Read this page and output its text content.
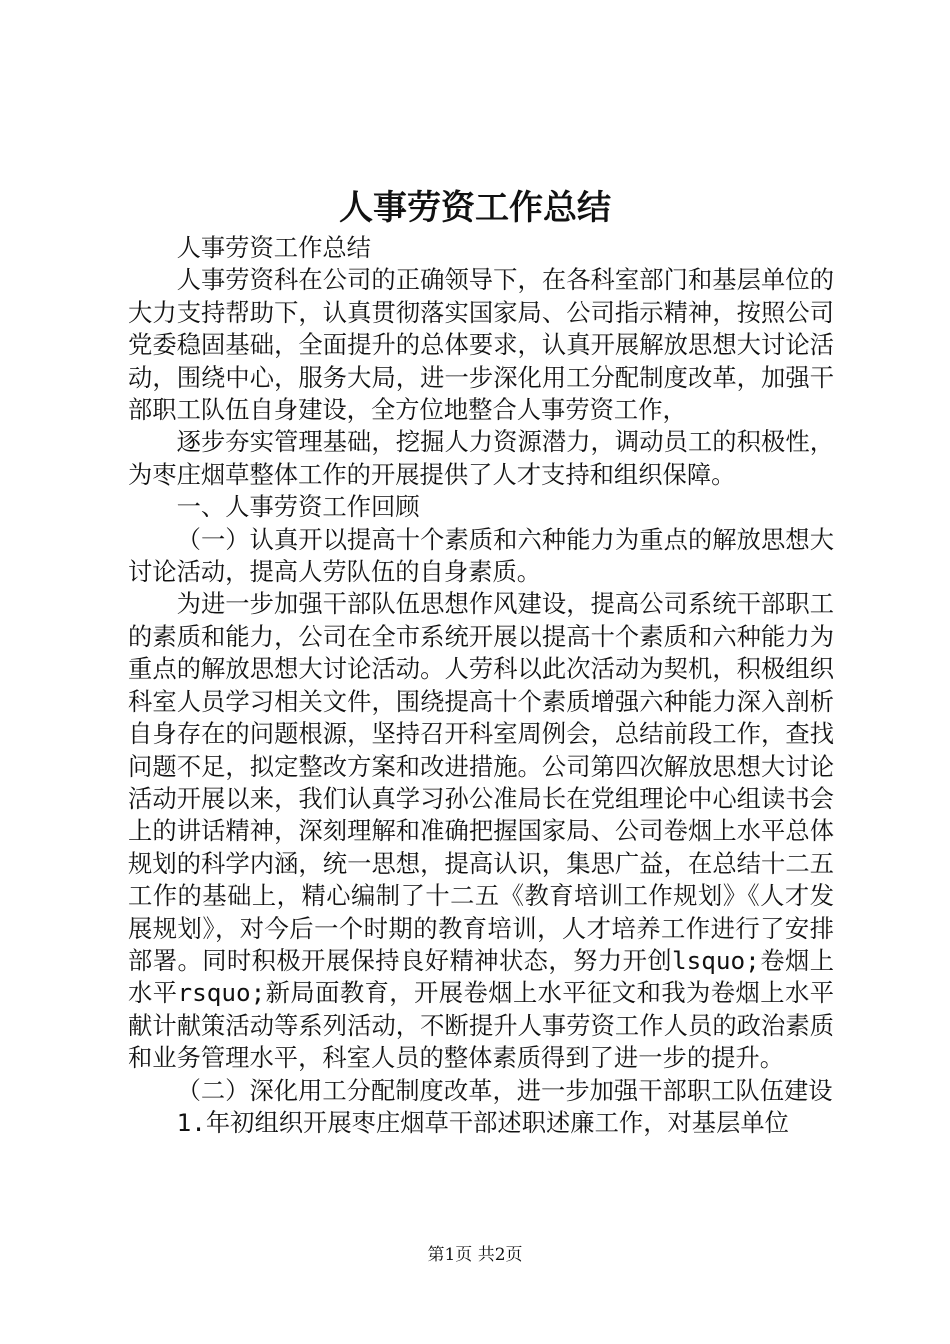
人事劳资工作总结

人事劳资工作总结

人事劳资科在公司的正确领导下，在各科室部门和基层单位的大力支持帮助下，认真贯彻落实国家局、公司指示精神，按照公司党委稳固基础，全面提升的总体要求，认真开展解放思想大讨论活动，围绕中心，服务大局，进一步深化用工分配制度改革，加强干部职工队伍自身建设，全方位地整合人事劳资工作，

逐步夯实管理基础，挖掘人力资源潜力，调动员工的积极性，为枣庄烟草整体工作的开展提供了人才支持和组织保障。

一、人事劳资工作回顾

（一）认真开以提高十个素质和六种能力为重点的解放思想大讨论活动，提高人劳队伍的自身素质。

为进一步加强干部队伍思想作风建设，提高公司系统干部职工的素质和能力，公司在全市系统开展以提高十个素质和六种能力为重点的解放思想大讨论活动。人劳科以此次活动为契机，积极组织科室人员学习相关文件，围绕提高十个素质增强六种能力深入剖析自身存在的问题根源，坚持召开科室周例会，总结前段工作，查找问题不足，拟定整改方案和改进措施。公司第四次解放思想大讨论活动开展以来，我们认真学习孙公准局长在党组理论中心组读书会上的讲话精神，深刻理解和准确把握国家局、公司卷烟上水平总体规划的科学内涵，统一思想，提高认识，集思广益，在总结十二五工作的基础上，精心编制了十二五《教育培训工作规划》《人才发展规划》，对今后一个时期的教育培训，人才培养工作进行了安排部署。同时积极开展保持良好精神状态，努力开创lsquo;卷烟上水平rsquo;新局面教育，开展卷烟上水平征文和我为卷烟上水平献计献策活动等系列活动，不断提升人事劳资工作人员的政治素质和业务管理水平，科室人员的整体素质得到了进一步的提升。

（二）深化用工分配制度改革，进一步加强干部职工队伍建设

1.年初组织开展枣庄烟草干部述职述廉工作，对基层单位

第1页 共2页
